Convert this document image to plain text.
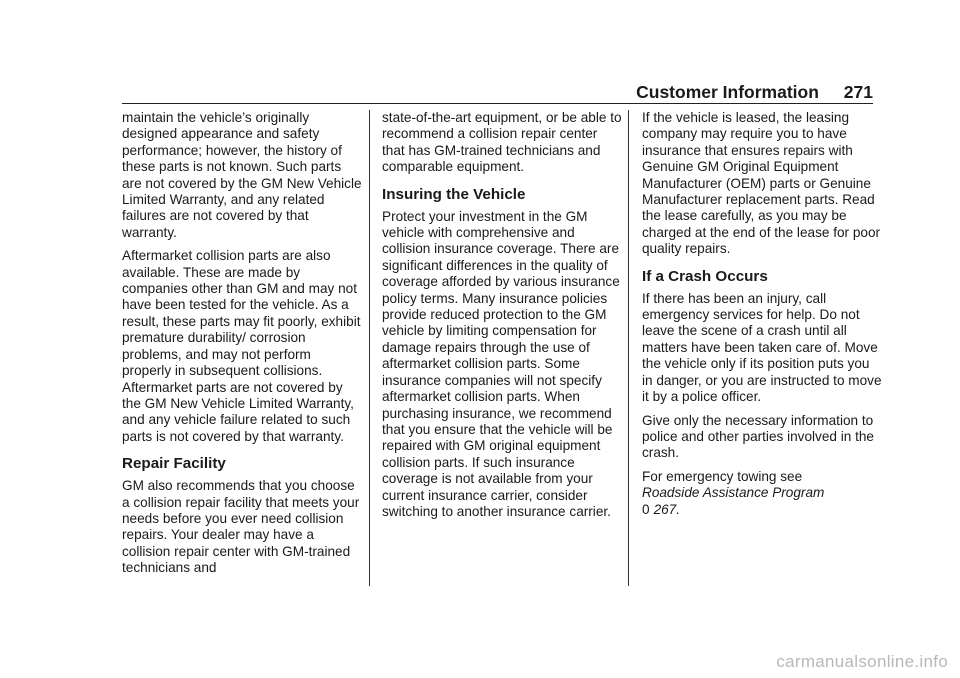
Customer Information 271

maintain the vehicle’s originally designed appearance and safety performance; however, the history of these parts is not known. Such parts are not covered by the GM New Vehicle Limited Warranty, and any related failures are not covered by that warranty.

Aftermarket collision parts are also available. These are made by companies other than GM and may not have been tested for the vehicle. As a result, these parts may fit poorly, exhibit premature durability/ corrosion problems, and may not perform properly in subsequent collisions. Aftermarket parts are not covered by the GM New Vehicle Limited Warranty, and any vehicle failure related to such parts is not covered by that warranty.

Repair Facility

GM also recommends that you choose a collision repair facility that meets your needs before you ever need collision repairs. Your dealer may have a collision repair center with GM-trained technicians and

state-of-the-art equipment, or be able to recommend a collision repair center that has GM-trained technicians and comparable equipment.

Insuring the Vehicle

Protect your investment in the GM vehicle with comprehensive and collision insurance coverage. There are significant differences in the quality of coverage afforded by various insurance policy terms. Many insurance policies provide reduced protection to the GM vehicle by limiting compensation for damage repairs through the use of aftermarket collision parts. Some insurance companies will not specify aftermarket collision parts. When purchasing insurance, we recommend that you ensure that the vehicle will be repaired with GM original equipment collision parts. If such insurance coverage is not available from your current insurance carrier, consider switching to another insurance carrier.

If the vehicle is leased, the leasing company may require you to have insurance that ensures repairs with Genuine GM Original Equipment Manufacturer (OEM) parts or Genuine Manufacturer replacement parts. Read the lease carefully, as you may be charged at the end of the lease for poor quality repairs.

If a Crash Occurs

If there has been an injury, call emergency services for help. Do not leave the scene of a crash until all matters have been taken care of. Move the vehicle only if its position puts you in danger, or you are instructed to move it by a police officer.

Give only the necessary information to police and other parties involved in the crash.

For emergency towing see
Roadside Assistance Program
0 267.

carmanualsonline.info
